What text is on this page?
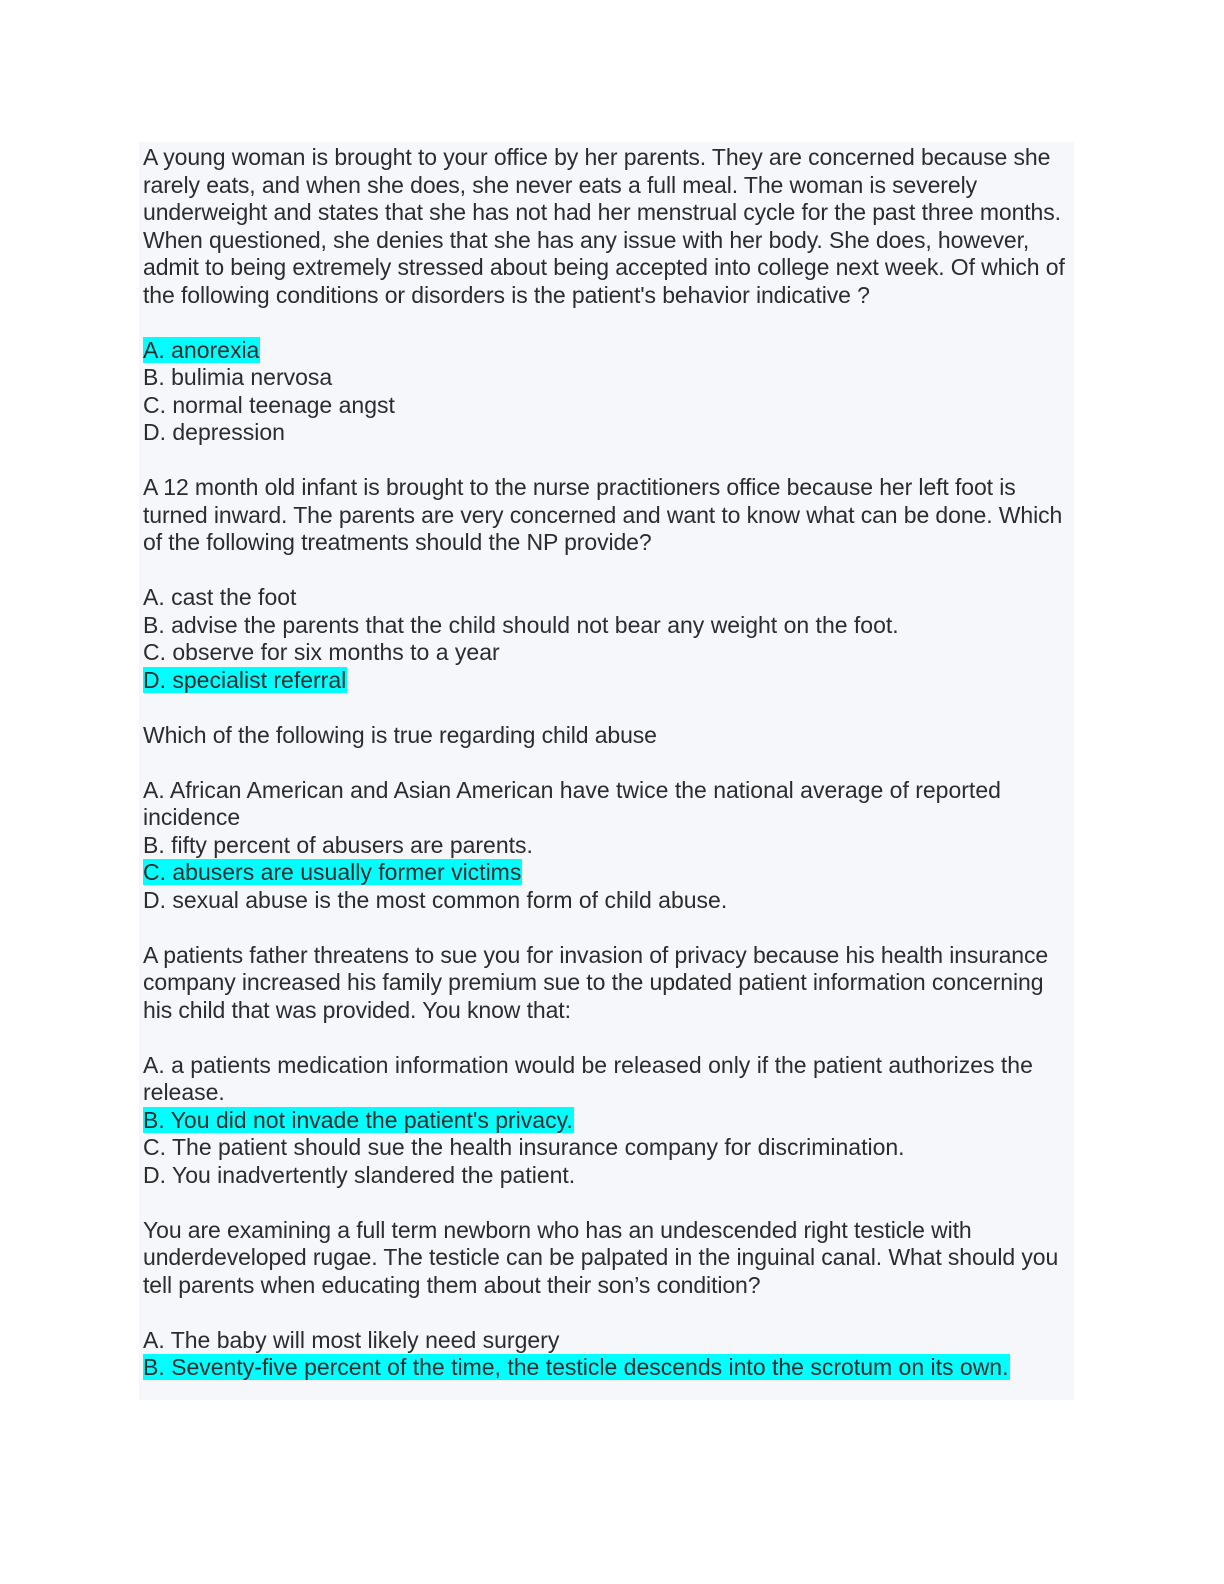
A young woman is brought to your office by her parents. They are concerned because she rarely eats, and when she does, she never eats a full meal. The woman is severely underweight and states that she has not had her menstrual cycle for the past three months. When questioned, she denies that she has any issue with her body. She does, however, admit to being extremely stressed about being accepted into college next week. Of which of the following conditions or disorders is the patient's behavior indicative ?

A. anorexia

B. bulimia nervosa

C. normal teenage angst

D. depression

A 12 month old infant is brought to the nurse practitioners office because her left foot is turned inward. The parents are very concerned and want to know what can be done. Which of the following treatments should the NP provide?

A. cast the foot

B. advise the parents that the child should not bear any weight on the foot.

C. observe for six months to a year

D. specialist referral

Which of the following is true regarding child abuse

A. African American and Asian American have twice the national average of reported incidence

B. fifty percent of abusers are parents.

C. abusers are usually former victims

D. sexual abuse is the most common form of child abuse.

A patients father threatens to sue you for invasion of privacy because his health insurance company increased his family premium sue to the updated patient information concerning his child that was provided. You know that:

A. a patients medication information would be released only if the patient authorizes the release.

B. You did not invade the patient's privacy.

C. The patient should sue the health insurance company for discrimination.

D. You inadvertently slandered the patient.

You are examining a full term newborn who has an undescended right testicle with underdeveloped rugae. The testicle can be palpated in the inguinal canal. What should you tell parents when educating them about their son’s condition?

A. The baby will most likely need surgery

B. Seventy-five percent of the time, the testicle descends into the scrotum on its own.
